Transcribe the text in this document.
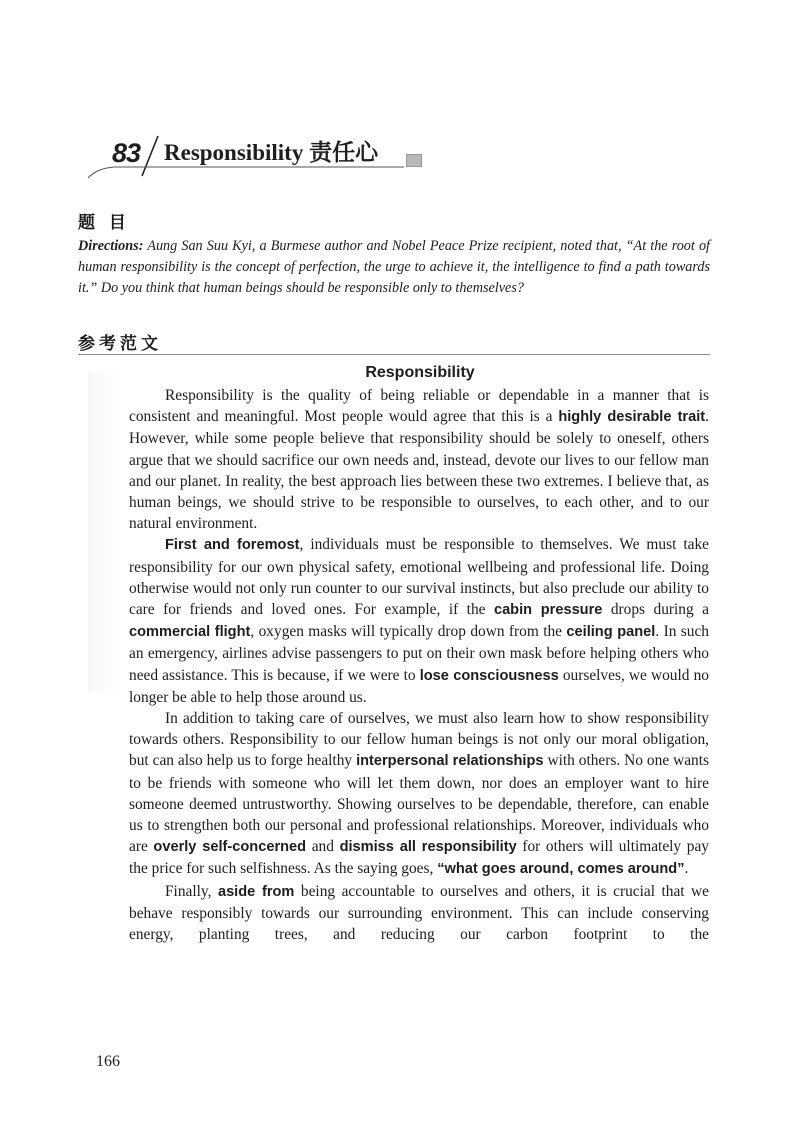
83 Responsibility 责任心
题 目

Directions: Aung San Suu Kyi, a Burmese author and Nobel Peace Prize recipient, noted that, “At the root of human responsibility is the concept of perfection, the urge to achieve it, the intelligence to find a path towards it.” Do you think that human beings should be responsible only to themselves?

参考范文
Responsibility

Responsibility is the quality of being reliable or dependable in a manner that is consistent and meaningful. Most people would agree that this is a highly desirable trait. However, while some people believe that responsibility should be solely to oneself, others argue that we should sacrifice our own needs and, instead, devote our lives to our fellow man and our planet. In reality, the best approach lies between these two extremes. I believe that, as human beings, we should strive to be responsible to ourselves, to each other, and to our natural environment.

First and foremost, individuals must be responsible to themselves. We must take responsibility for our own physical safety, emotional wellbeing and professional life. Doing otherwise would not only run counter to our survival instincts, but also preclude our ability to care for friends and loved ones. For example, if the cabin pressure drops during a commercial flight, oxygen masks will typically drop down from the ceiling panel. In such an emergency, airlines advise passengers to put on their own mask before helping others who need assistance. This is because, if we were to lose consciousness ourselves, we would no longer be able to help those around us.

In addition to taking care of ourselves, we must also learn how to show responsibility towards others. Responsibility to our fellow human beings is not only our moral obligation, but can also help us to forge healthy interpersonal relationships with others. No one wants to be friends with someone who will let them down, nor does an employer want to hire someone deemed untrustworthy. Showing ourselves to be dependable, therefore, can enable us to strengthen both our personal and professional relationships. Moreover, individuals who are overly self-concerned and dismiss all responsibility for others will ultimately pay the price for such selfishness. As the saying goes, “what goes around, comes around”.

Finally, aside from being accountable to ourselves and others, it is crucial that we behave responsibly towards our surrounding environment. This can include conserving energy, planting trees, and reducing our carbon footprint to the

166
